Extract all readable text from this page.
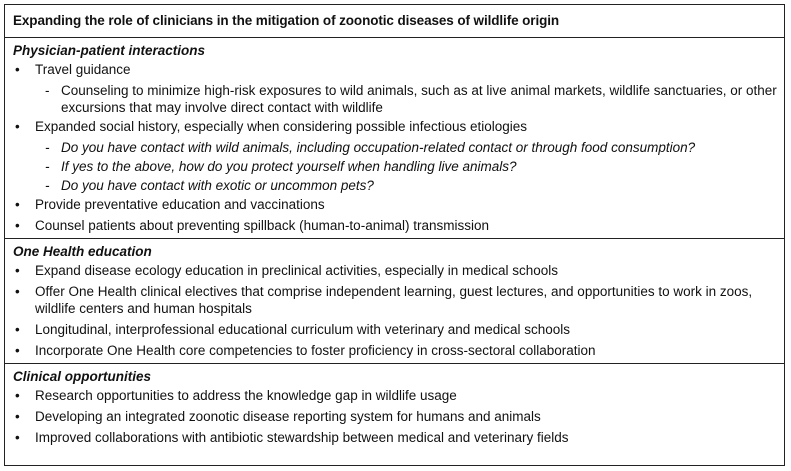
Expanding the role of clinicians in the mitigation of zoonotic diseases of wildlife origin
Physician-patient interactions
• Travel guidance
- Counseling to minimize high-risk exposures to wild animals, such as at live animal markets, wildlife sanctuaries, or other excursions that may involve direct contact with wildlife
• Expanded social history, especially when considering possible infectious etiologies
- Do you have contact with wild animals, including occupation-related contact or through food consumption?
- If yes to the above, how do you protect yourself when handling live animals?
- Do you have contact with exotic or uncommon pets?
• Provide preventative education and vaccinations
• Counsel patients about preventing spillback (human-to-animal) transmission
One Health education
• Expand disease ecology education in preclinical activities, especially in medical schools
• Offer One Health clinical electives that comprise independent learning, guest lectures, and opportunities to work in zoos, wildlife centers and human hospitals
• Longitudinal, interprofessional educational curriculum with veterinary and medical schools
• Incorporate One Health core competencies to foster proficiency in cross-sectoral collaboration
Clinical opportunities
• Research opportunities to address the knowledge gap in wildlife usage
• Developing an integrated zoonotic disease reporting system for humans and animals
• Improved collaborations with antibiotic stewardship between medical and veterinary fields
